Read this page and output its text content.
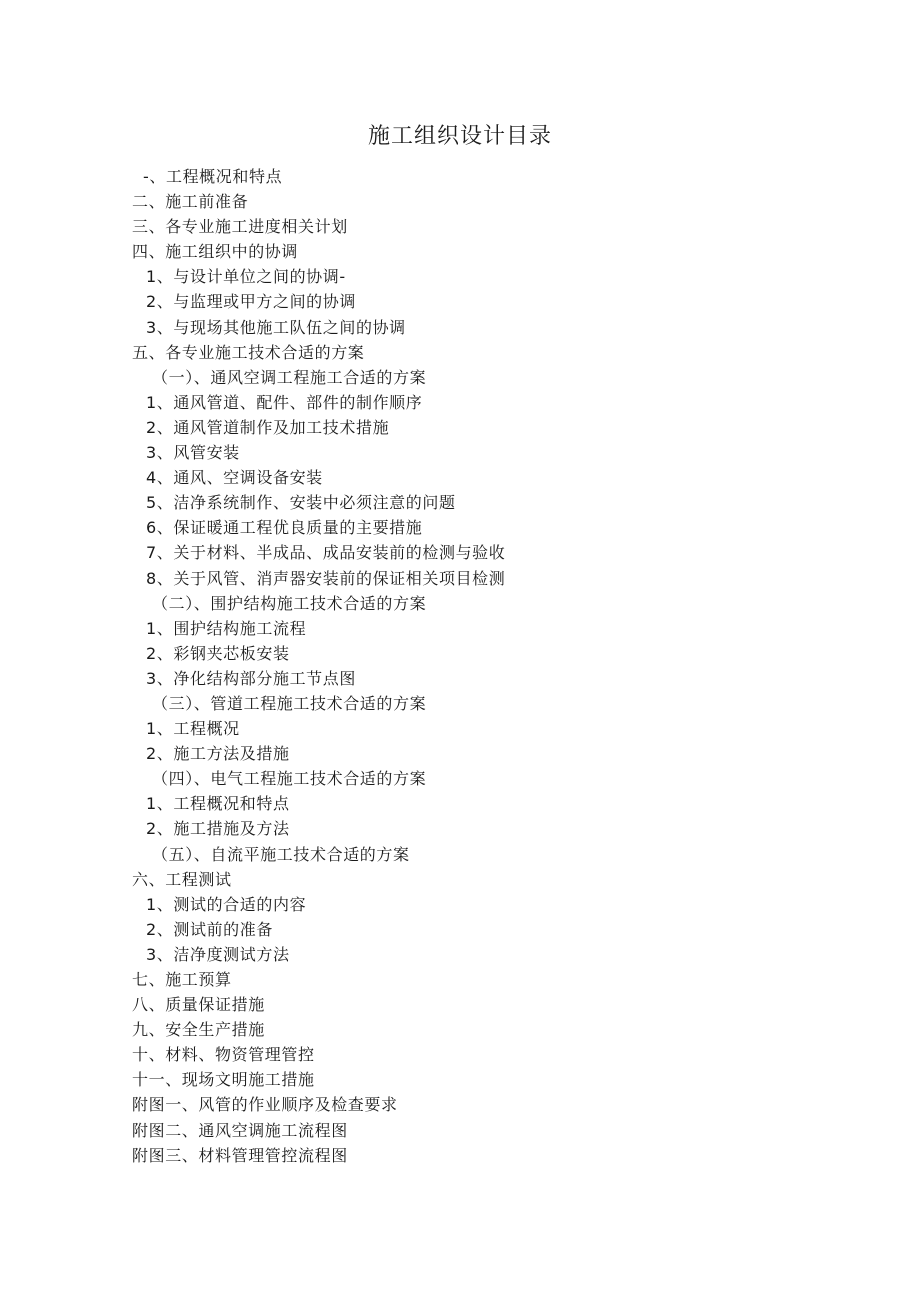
施工组织设计目录
-、工程概况和特点
二、施工前准备
三、各专业施工进度相关计划
四、施工组织中的协调
1、与设计单位之间的协调-
2、与监理或甲方之间的协调
3、与现场其他施工队伍之间的协调
五、各专业施工技术合适的方案
（一）、通风空调工程施工合适的方案
1、通风管道、配件、部件的制作顺序
2、通风管道制作及加工技术措施
3、风管安装
4、通风、空调设备安装
5、洁净系统制作、安装中必须注意的问题
6、保证暖通工程优良质量的主要措施
7、关于材料、半成品、成品安装前的检测与验收
8、关于风管、消声器安装前的保证相关项目检测
（二）、围护结构施工技术合适的方案
1、围护结构施工流程
2、彩钢夹芯板安装
3、净化结构部分施工节点图
（三）、管道工程施工技术合适的方案
1、工程概况
2、施工方法及措施
（四）、电气工程施工技术合适的方案
1、工程概况和特点
2、施工措施及方法
（五）、自流平施工技术合适的方案
六、工程测试
1、测试的合适的内容
2、测试前的准备
3、洁净度测试方法
七、施工预算
八、质量保证措施
九、安全生产措施
十、材料、物资管理管控
十一、现场文明施工措施
附图一、风管的作业顺序及检查要求
附图二、通风空调施工流程图
附图三、材料管理管控流程图
